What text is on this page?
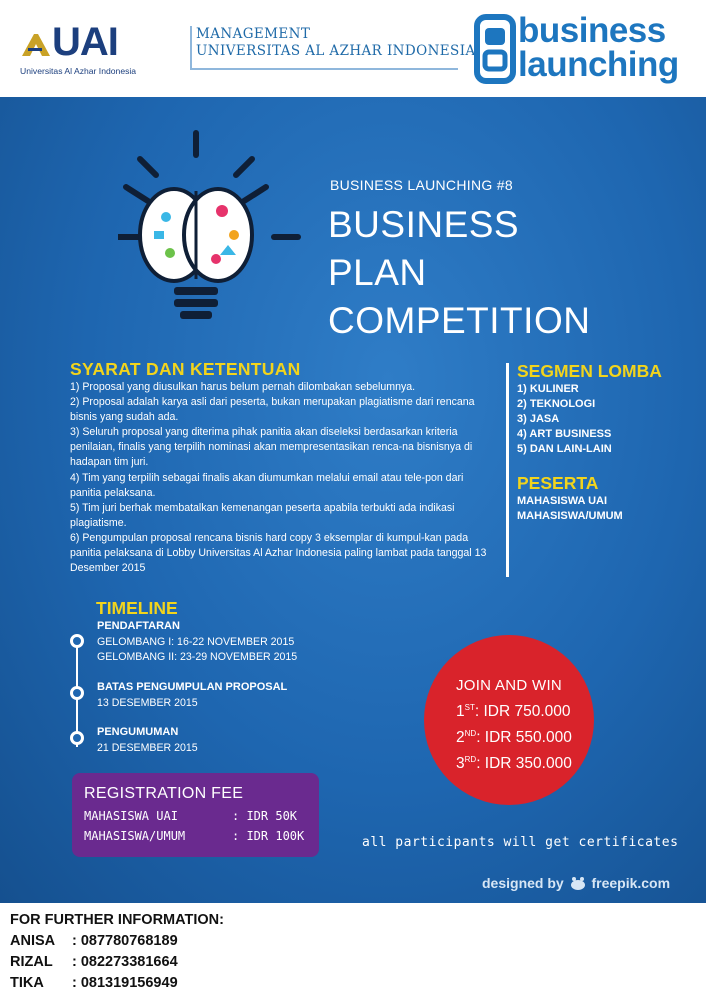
UAI
Universitas Al Azhar Indonesia
MANAGEMENT
UNIVERSITAS AL AZHAR INDONESIA
business
launching
BUSINESS LAUNCHING #8
BUSINESS PLAN COMPETITION
SYARAT DAN KETENTUAN
1) Proposal yang diusulkan harus belum pernah dilombakan sebelumnya.
2) Proposal adalah karya asli dari peserta, bukan merupakan plagiatisme dari rencana bisnis yang sudah ada.
3) Seluruh proposal yang diterima pihak panitia akan diseleksi berdasarkan kriteria penilaian, finalis yang terpilih nominasi akan mempresentasikan renca-na bisnisnya di hadapan tim juri.
4) Tim yang terpilih sebagai finalis akan diumumkan melalui email atau tele-pon dari panitia pelaksana.
5) Tim juri berhak membatalkan kemenangan peserta apabila terbukti ada indikasi plagiatisme.
6) Pengumpulan proposal rencana bisnis hard copy 3 eksemplar di kumpul-kan pada panitia pelaksana di Lobby Universitas Al Azhar Indonesia paling lambat pada tanggal 13 Desember 2015
SEGMEN LOMBA
1) KULINER
2) TEKNOLOGI
3) JASA
4) ART BUSINESS
5) DAN LAIN-LAIN
PESERTA
MAHASISWA UAI
MAHASISWA/UMUM
TIMELINE
PENDAFTARAN
GELOMBANG I: 16-22 NOVEMBER 2015
GELOMBANG II: 23-29 NOVEMBER 2015
BATAS PENGUMPULAN PROPOSAL
13 DESEMBER 2015
PENGUMUMAN
21 DESEMBER 2015
JOIN AND WIN
1ST: IDR 750.000
2ND: IDR 550.000
3RD: IDR 350.000
REGISTRATION FEE
MAHASISWA UAI	: IDR 50K
MAHASISWA/UMUM	: IDR 100K	all participants will get certificates
designed by freepik.com
FOR FURTHER INFORMATION:
ANISA : 087780768189
RIZAL : 082273381664
TIKA : 081319156949
